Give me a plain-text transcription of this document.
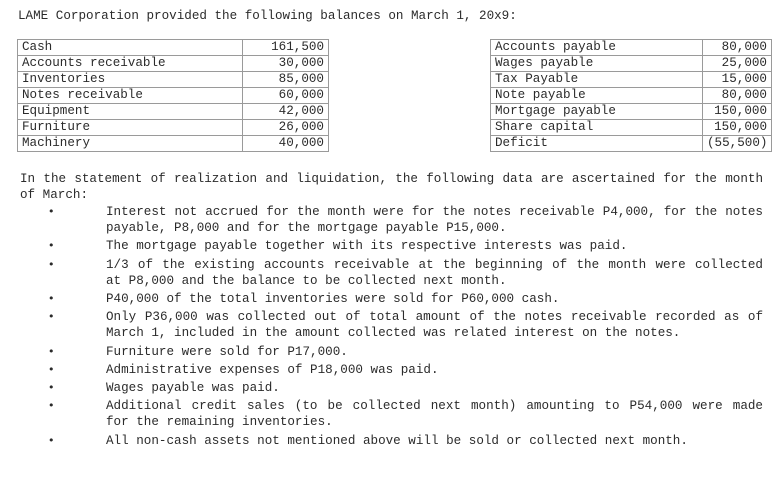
LAME Corporation provided the following balances on March 1, 20x9:
Cash	161,500		Accounts payable	80,000
Accounts receivable	30,000		Wages payable	25,000
Inventories	85,000		Tax Payable	15,000
Notes receivable	60,000		Note payable	80,000
Equipment	42,000		Mortgage payable	150,000
Furniture	26,000		Share capital	150,000
Machinery	40,000		Deficit	(55,500)
In the statement of realization and liquidation, the following data are ascertained for the month of March:
•	Interest not accrued for the month were for the notes receivable P4,000, for the notes payable, P8,000 and for the mortgage payable P15,000.
•	The mortgage payable together with its respective interests was paid.
•	1/3 of the existing accounts receivable at the beginning of the month were collected at P8,000 and the balance to be collected next month.
•	P40,000 of the total inventories were sold for P60,000 cash.
•	Only P36,000 was collected out of total amount of the notes receivable recorded as of March 1, included in the amount collected was related interest on the notes.
•	Furniture were sold for P17,000.
•	Administrative expenses of P18,000 was paid.
•	Wages payable was paid.
•	Additional credit sales (to be collected next month) amounting to P54,000 were made for the remaining inventories.
•	All non-cash assets not mentioned above will be sold or collected next month.
